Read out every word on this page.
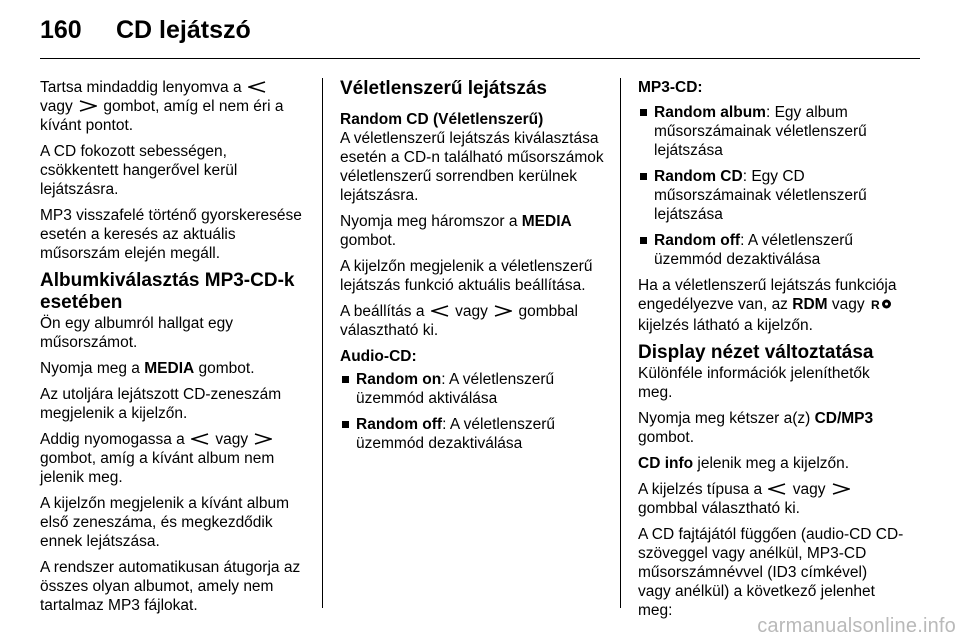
160	CD lejátszó

Tartsa mindaddig lenyomva a

vagy gombot, amíg el nem éri a kívánt pontot.

A CD fokozott sebességen, csökkentett hangerővel kerül lejátszásra.

MP3 visszafelé történő gyorskeresése esetén a keresés az aktuális műsorszám elején megáll.

Albumkiválasztás MP3-CD-k esetében

Ön egy albumról hallgat egy műsorszámot.

Nyomja meg a MEDIA gombot.

Az utoljára lejátszott CD-zeneszám megjelenik a kijelzőn.

Addig nyomogassa a vagy

gombot, amíg a kívánt album nem jelenik meg.

A kijelzőn megjelenik a kívánt album első zeneszáma, és megkezdődik ennek lejátszása.

A rendszer automatikusan átugorja az összes olyan albumot, amely nem tartalmaz MP3 fájlokat.

Véletlenszerű lejátszás
Random CD (Véletlenszerű)

A véletlenszerű lejátszás kiválasztása esetén a CD-n található műsorszámok véletlenszerű sorrendben kerülnek lejátszásra.

Nyomja meg háromszor a MEDIA gombot.

A kijelzőn megjelenik a véletlenszerű lejátszás funkció aktuális beállítása.

A beállítás a vagy gombbal választható ki.

Audio-CD:

Random on: A véletlenszerű üzemmód aktiválása
Random off: A véletlenszerű üzemmód dezaktiválása

MP3-CD:

Random album: Egy album műsorszámainak véletlenszerű lejátszása
Random CD: Egy CD műsorszámainak véletlenszerű lejátszása
Random off: A véletlenszerű üzemmód dezaktiválása

Ha a véletlenszerű lejátszás funkciója engedélyezve van, az RDM vagy R
kijelzés látható a kijelzőn.

Display nézet változtatása

Különféle információk jeleníthetők meg.

Nyomja meg kétszer a(z) CD/MP3 gombot.

CD info jelenik meg a kijelzőn.

A kijelzés típusa a vagy

gombbal választható ki.

A CD fajtájától függően (audio-CD CD-szöveggel vagy anélkül, MP3-CD műsorszámnévvel (ID3 címkével) vagy anélkül) a következő jelenhet meg:

carmanualsonline.info
